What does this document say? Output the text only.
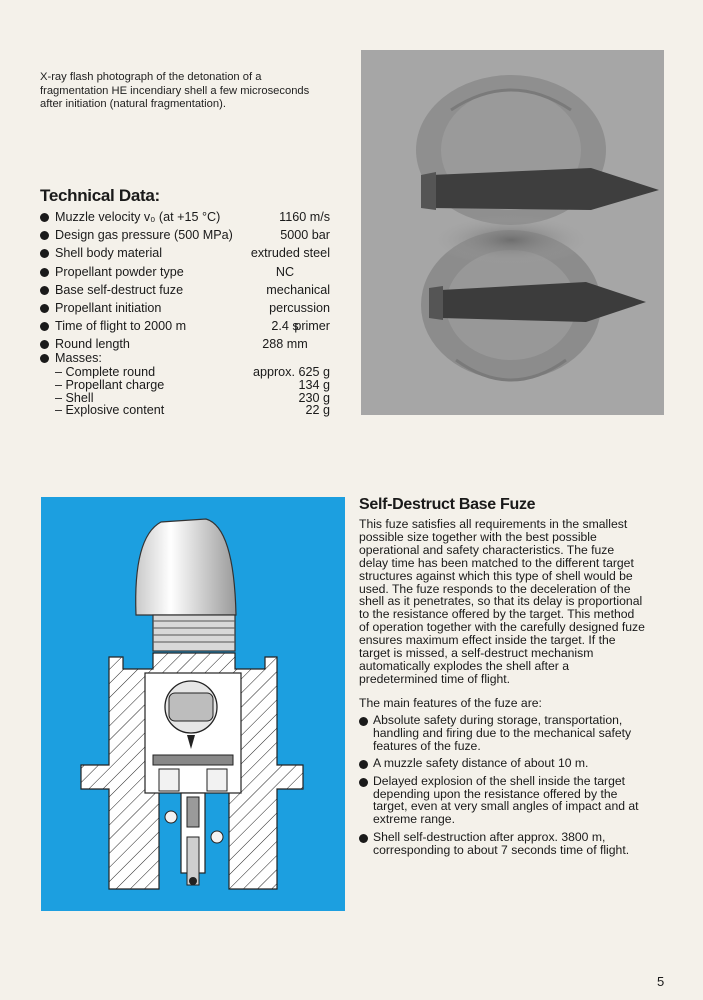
X-ray flash photograph of the detonation of a fragmentation HE incendiary shell a few microseconds after initiation (natural fragmentation).
Technical Data:
Muzzle velocity v₀ (at +15 °C)	1160 m/s
Design gas pressure (500 MPa)	5000 bar
Shell body material	extruded steel
Propellant powder type	NC
Base self-destruct fuze	mechanical
Propellant initiation	percussion primer
Time of flight to 2000 m	2.4 s
Round length	288 mm
Masses:
– Complete round	approx. 625 g
– Propellant charge	134 g
– Shell	230 g
– Explosive content	22 g
Self-Destruct Base Fuze

This fuze satisfies all requirements in the smallest possible size together with the best possible operational and safety characteristics. The fuze delay time has been matched to the different target structures against which this type of shell would be used. The fuze responds to the deceleration of the shell as it penetrates, so that its delay is proportional to the resistance offered by the target. This method of operation together with the carefully designed fuze ensures maximum effect inside the target. If the target is missed, a self-destruct mechanism automatically explodes the shell after a predetermined time of flight.

The main features of the fuze are:
Absolute safety during storage, transportation, handling and firing due to the mechanical safety features of the fuze.
A muzzle safety distance of about 10 m.
Delayed explosion of the shell inside the target depending upon the resistance offered by the target, even at very small angles of impact and at extreme range.
Shell self-destruction after approx. 3800 m, corresponding to about 7 seconds time of flight.
5
